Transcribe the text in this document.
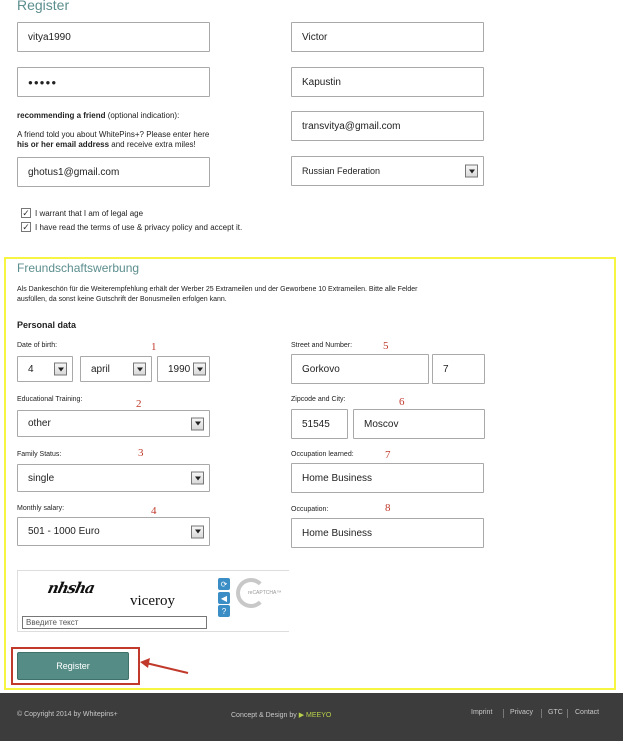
Register
vitya1990	Victor
●●●●●	Kapustin
recommending a friend (optional indication):
A friend told you about WhitePins+? Please enter here
his or her email address and receive extra miles!
transvitya@gmail.com
ghotus1@gmail.com	Russian Federation
✓ I warrant that I am of legal age
✓ I have read the terms of use & privacy policy and accept it.
Freundschaftswerbung
Als Dankeschön für die Weiterempfehlung erhält der Werber 25 Extrameilen und der Geworbene 10 Extrameilen. Bitte alle Felder
ausfüllen, da sonst keine Gutschrift der Bonusmeilen erfolgen kann.
Personal data
Date of birth:	1
4	april	1990
Educational Training:	2
other
Family Status:	3
single
Monthly salary:	4
501 - 1000 Euro
Street and Number:	5
Gorkovo	7
Zipcode and City:	6
51545	Moscov
Occupation learned:	7
Home Business
Occupation:	8
Home Business
nhsha
viceroy
⟳
◀
?
reCAPTCHA™
Введите текст
Register
© Copyright 2014 by Whitepins+	Concept & Design by ▶ MEEYO	Imprint	Privacy GTC Contact
